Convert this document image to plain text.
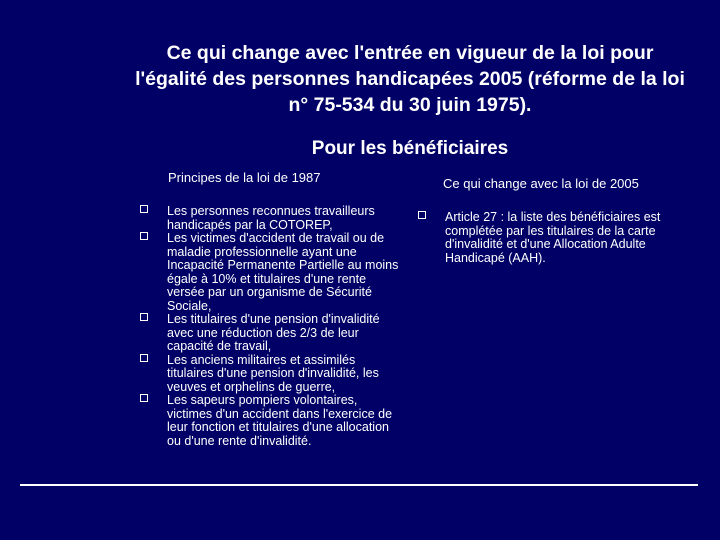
Ce qui change avec l'entrée en vigueur de la loi pour l'égalité des personnes handicapées 2005 (réforme de la loi n° 75-534 du 30 juin 1975).
Pour les bénéficiaires
Principes de la loi de 1987	Ce qui change avec la loi de 2005
Les personnes reconnues travailleurs handicapés par la COTOREP,
Les victimes d'accident de travail ou de maladie professionnelle ayant une Incapacité Permanente Partielle au moins égale à 10% et titulaires d'une rente versée par un organisme de Sécurité Sociale,
Les titulaires d'une pension d'invalidité avec une réduction des 2/3 de leur capacité de travail,
Les anciens militaires et assimilés titulaires d'une pension d'invalidité, les veuves et orphelins de guerre,
Les sapeurs pompiers volontaires, victimes d'un accident dans l'exercice de leur fonction et titulaires d'une allocation ou d'une rente d'invalidité.
Article 27 : la liste des bénéficiaires est complétée par les titulaires de la carte d'invalidité et d'une Allocation Adulte Handicapé (AAH).
